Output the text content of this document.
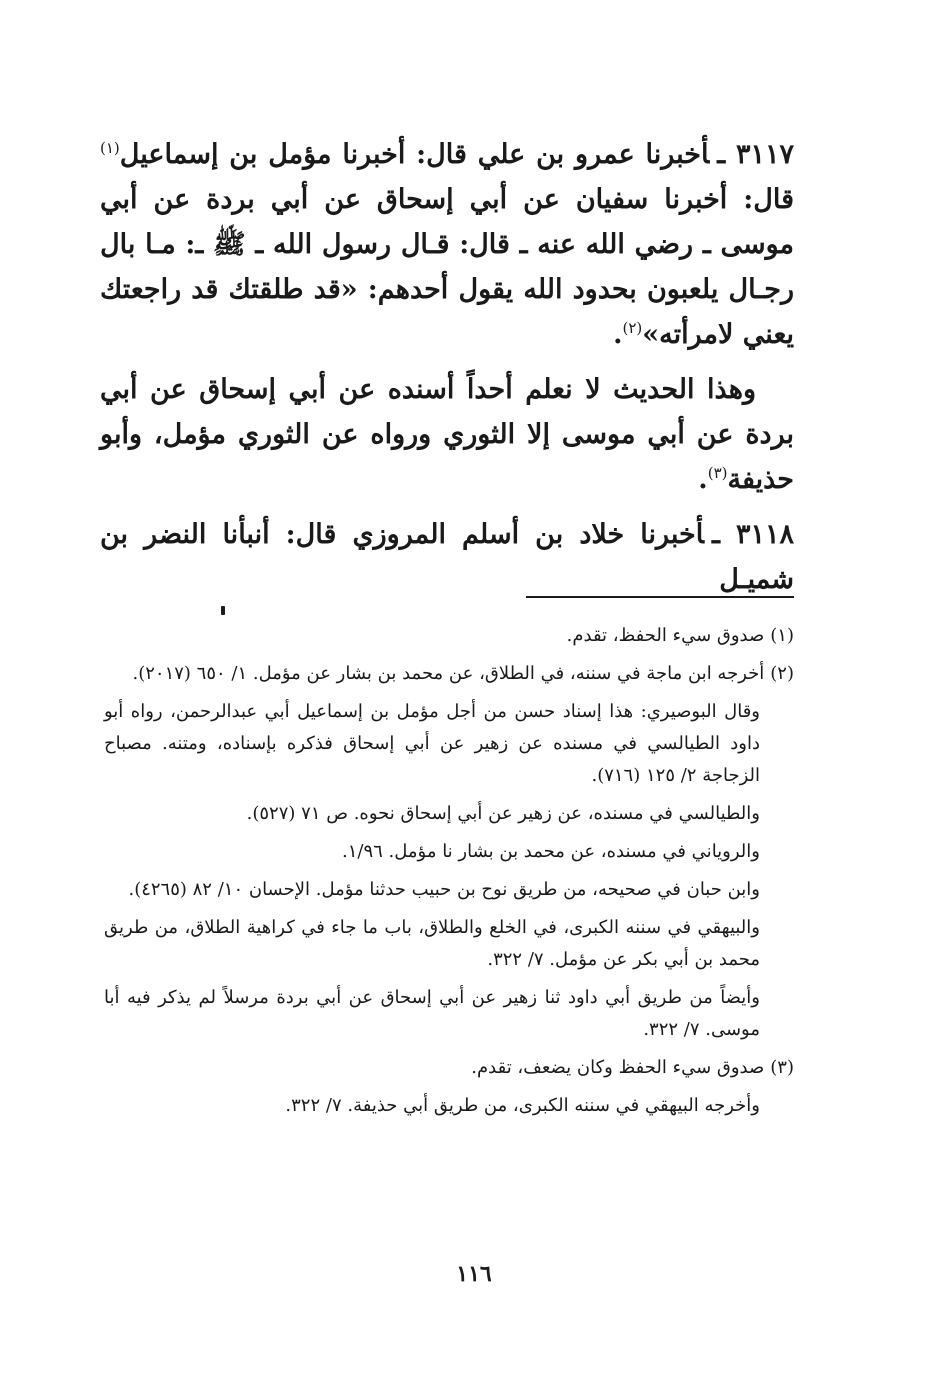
٣١١٧ ـأخبرنا عمرو بن علي قال: أخبرنا مؤمل بن إسماعيل$^{(١)}$ قال: أخبرنا سفيان عن أبي إسحاق عن أبي بردة عن أبي موسى ـ رضي الله عنه ـ قال: قـال رسول الله ـ ﷺ ـ: مـا بال رجـال يلعبون بحدود الله يقول أحدهم: «قد طلقتك قد راجعتك يعني لامرأته»$^{(٢)}$.

وهذا الحديث لا نعلم أحداً أسنده عن أبي إسحاق عن أبي بردة عن أبي موسى إلا الثوري ورواه عن الثوري مؤمل، وأبو حذيفة$^{(٣)}$.

٣١١٨ ـأخبرنا خلاد بن أسلم المروزي قال: أنبأنا النضر بن شميـل

(١)صدوق سيء الحفظ، تقدم.

(٢)أخرجه ابن ماجة في سننه، في الطلاق، عن محمد بن بشار عن مؤمل. ١/ ٦٥٠ (٢٠١٧).

وقال البوصيري: هذا إسناد حسن من أجل مؤمل بن إسماعيل أبي عبدالرحمن، رواه أبو داود الطيالسي في مسنده عن زهير عن أبي إسحاق فذكره بإسناده، ومتنه. مصباح الزجاجة ٢/ ١٢٥ (٧١٦).

والطيالسي في مسنده، عن زهير عن أبي إسحاق نحوه. ص ٧١ (٥٢٧).

والروياني في مسنده، عن محمد بن بشار نا مؤمل. ١/٩٦.

وابن حبان في صحيحه، من طريق نوح بن حبيب حدثنا مؤمل. الإحسان ١٠/ ٨٢ (٤٢٦٥).

والبيهقي في سننه الكبرى، في الخلع والطلاق، باب ما جاء في كراهية الطلاق، من طريق محمد بن أبي بكر عن مؤمل. ٧/ ٣٢٢.

وأيضاً من طريق أبي داود ثنا زهير عن أبي إسحاق عن أبي بردة مرسلاً لم يذكر فيه أبا موسى. ٧/ ٣٢٢.

(٣)صدوق سيء الحفظ وكان يضعف، تقدم.

وأخرجه البيهقي في سننه الكبرى، من طريق أبي حذيفة. ٧/ ٣٢٢.

١١٦
